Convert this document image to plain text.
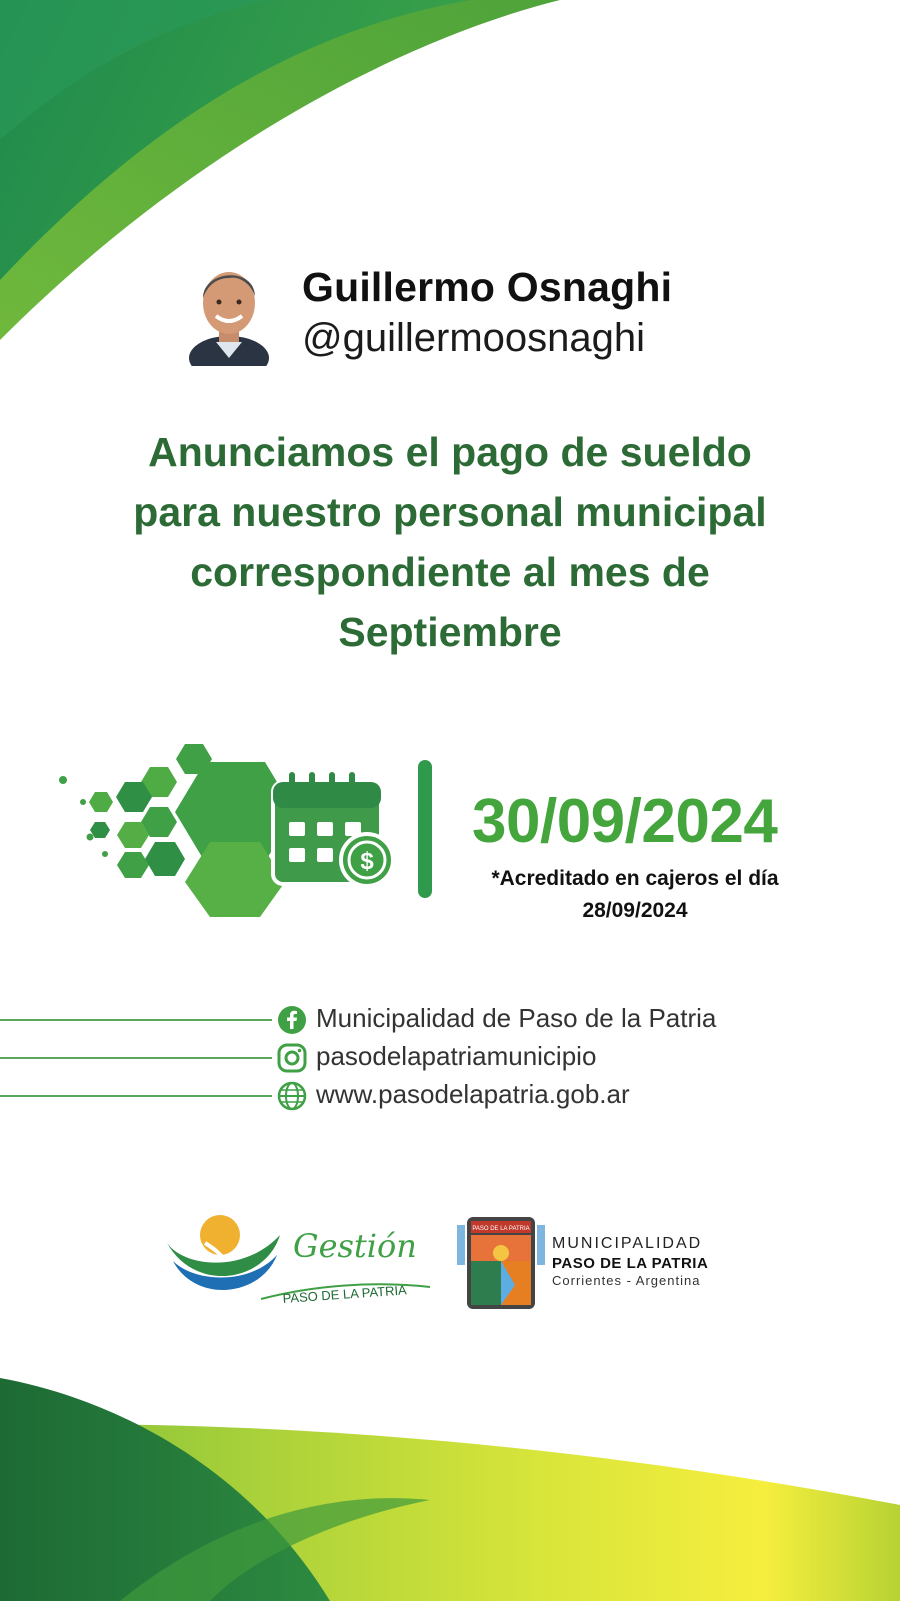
Guillermo Osnaghi
@guillermoosnaghi
Anunciamos el pago de sueldo
para nuestro personal municipal
correspondiente al mes de
Septiembre
$
30/09/2024
*Acreditado en cajeros el día
28/09/2024
Municipalidad de Paso de la Patria
pasodelapatriamunicipio
www.pasodelapatria.gob.ar
Gestión
PASO DE LA PATRIA
PASO DE LA PATRIA
MUNICIPALIDAD
PASO DE LA PATRIA
Corrientes - Argentina
